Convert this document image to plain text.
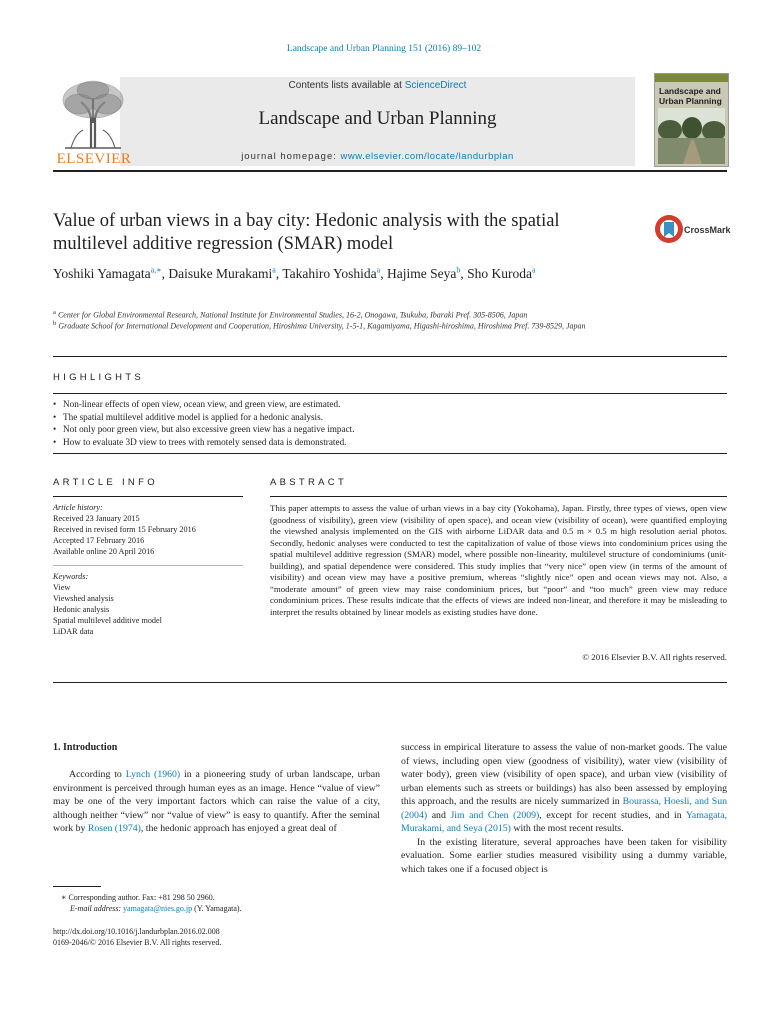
Landscape and Urban Planning 151 (2016) 89–102
ELSEVIER
Contents lists available at ScienceDirect
Landscape and Urban Planning
journal homepage: www.elsevier.com/locate/landurbplan
Landscape and Urban Planning
Value of urban views in a bay city: Hedonic analysis with the spatial multilevel additive regression (SMAR) model
CrossMark
Yoshiki Yamagata$^{a,∗}$, Daisuke Murakami$^a$, Takahiro Yoshida$^a$, Hajime Seya$^b$, Sho Kuroda$^a$
$^a$ Center for Global Environmental Research, National Institute for Environmental Studies, 16-2, Onogawa, Tsukuba, Ibaraki Pref. 305-8506, Japan
$^b$ Graduate School for International Development and Cooperation, Hiroshima University, 1-5-1, Kagamiyama, Higashi-hiroshima, Hiroshima Pref. 739-8529, Japan
HIGHLIGHTS
• Non-linear effects of open view, ocean view, and green view, are estimated.
• The spatial multilevel additive model is applied for a hedonic analysis.
• Not only poor green view, but also excessive green view has a negative impact.
• How to evaluate 3D view to trees with remotely sensed data is demonstrated.
ARTICLE INFO
Article history:
Received 23 January 2015
Received in revised form 15 February 2016
Accepted 17 February 2016
Available online 20 April 2016
Keywords:
View
Viewshed analysis
Hedonic analysis
Spatial multilevel additive model
LiDAR data
ABSTRACT
This paper attempts to assess the value of urban views in a bay city (Yokohama), Japan. Firstly, three types of views, open view (goodness of visibility), green view (visibility of open space), and ocean view (visibility of ocean), were quantified employing the viewshed analysis implemented on the GIS with airborne LiDAR data and 0.5 m × 0.5 m high resolution aerial photos. Secondly, hedonic analyses were conducted to test the capitalization of value of those views into condominium prices using the spatial multilevel additive regression (SMAR) model, where possible non-linearity, multilevel structure of condominiums (unit-building), and spatial dependence were considered. This study implies that “very nice” open view (in terms of the amount of visibility) and ocean view may have a positive premium, whereas “slightly nice” open and ocean views may not. Also, a “moderate amount” of green view may raise condominium prices, but “poor” and “too much” green view may reduce condominium prices. These results indicate that the effects of views are indeed non-linear, and therefore it may be misleading to interpret the results obtained by linear models as existing studies have done.
© 2016 Elsevier B.V. All rights reserved.
1. Introduction

According to Lynch (1960) in a pioneering study of urban landscape, urban environment is perceived through human eyes as an image. Hence “value of view” may be one of the very important factors which can raise the value of a city, although neither “view” nor “value of view” is easy to quantify. After the seminal work by Rosen (1974), the hedonic approach has enjoyed a great deal of

success in empirical literature to assess the value of non-market goods. The value of views, including open view (goodness of visibility), water view (visibility of water body), green view (visibility of open space), and urban view (visibility of urban elements such as streets or buildings) has also been assessed by employing this approach, and the results are nicely summarized in Bourassa, Hoesli, and Sun (2004) and Jim and Chen (2009), except for recent studies, and in Yamagata, Murakami, and Seya (2015) with the most recent results.

In the existing literature, several approaches have been taken for visibility evaluation. Some earlier studies measured visibility using a dummy variable, which takes one if a focused object is

∗ Corresponding author. Fax: +81 298 50 2960.
E-mail address: yamagata@nies.go.jp (Y. Yamagata).
http://dx.doi.org/10.1016/j.landurbplan.2016.02.008
0169-2046/© 2016 Elsevier B.V. All rights reserved.
